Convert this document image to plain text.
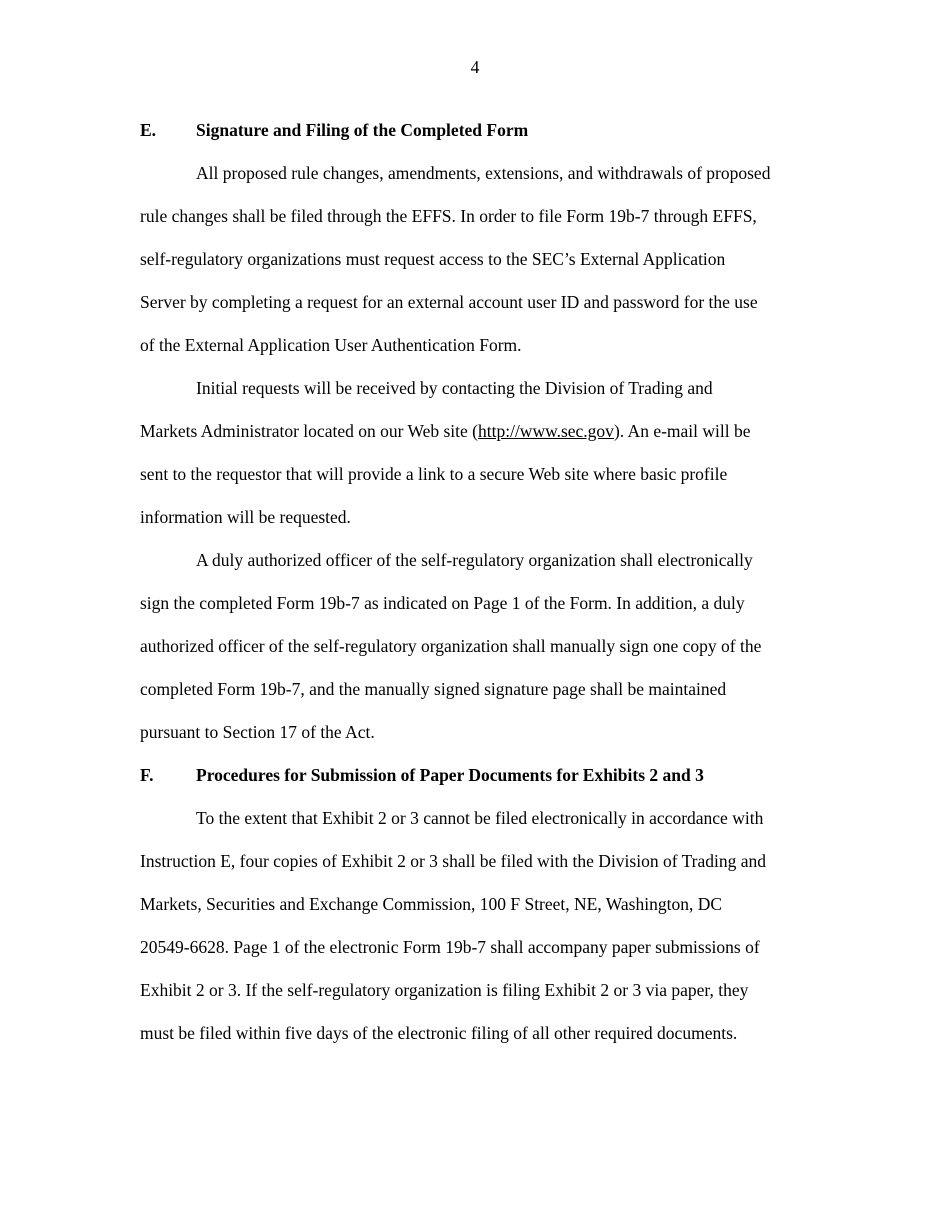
4
E. Signature and Filing of the Completed Form

All proposed rule changes, amendments, extensions, and withdrawals of proposed
rule changes shall be filed through the EFFS. In order to file Form 19b-7 through EFFS,
self-regulatory organizations must request access to the SEC’s External Application
Server by completing a request for an external account user ID and password for the use
of the External Application User Authentication Form.

Initial requests will be received by contacting the Division of Trading and
Markets Administrator located on our Web site (http://www.sec.gov). An e-mail will be
sent to the requestor that will provide a link to a secure Web site where basic profile
information will be requested.

A duly authorized officer of the self-regulatory organization shall electronically
sign the completed Form 19b-7 as indicated on Page 1 of the Form. In addition, a duly
authorized officer of the self-regulatory organization shall manually sign one copy of the
completed Form 19b-7, and the manually signed signature page shall be maintained
pursuant to Section 17 of the Act.

F. Procedures for Submission of Paper Documents for Exhibits 2 and 3

To the extent that Exhibit 2 or 3 cannot be filed electronically in accordance with
Instruction E, four copies of Exhibit 2 or 3 shall be filed with the Division of Trading and
Markets, Securities and Exchange Commission, 100 F Street, NE, Washington, DC
20549-6628. Page 1 of the electronic Form 19b-7 shall accompany paper submissions of
Exhibit 2 or 3. If the self-regulatory organization is filing Exhibit 2 or 3 via paper, they
must be filed within five days of the electronic filing of all other required documents.
